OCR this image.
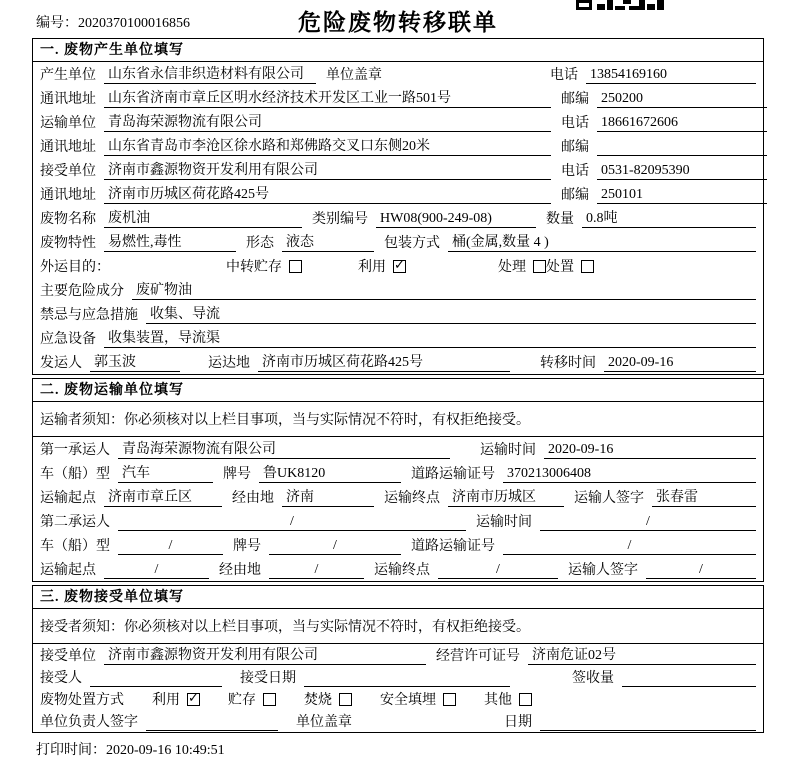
编号：2020370100016856	危险废物转移联单
一. 废物产生单位填写
产生单位 山东省永信非织造材料有限公司	单位盖章	电话 13854169160
通讯地址 山东省济南市章丘区明水经济技术开发区工业一路501号	邮编 250200
运输单位 青岛海荣源物流有限公司	电话 18661672606
通讯地址 山东省青岛市李沧区徐水路和郑佛路交叉口东侧20米	邮编
接受单位 济南市鑫源物资开发利用有限公司	电话 0531-82095390
通讯地址 济南市历城区荷花路425号	邮编 250101
废物名称 废机油	类别编号 HW08(900-249-08)	数量 0.8吨
废物特性 易燃性,毒性	形态 液态	包装方式 桶(金属,数量 4 )
外运目的：	中转贮存	利用 ✓	处理 处置
主要危险成分 废矿物油
禁忌与应急措施 收集、导流
应急设备 收集装置，导流渠
发运人 郭玉波	运达地 济南市历城区荷花路425号	转移时间 2020-09-16
二. 废物运输单位填写
运输者须知：你必须核对以上栏目事项，当与实际情况不符时，有权拒绝接受。
第一承运人 青岛海荣源物流有限公司	运输时间 2020-09-16
车（船）型 汽车	牌号 鲁UK8120	道路运输证号 370213006408
运输起点 济南市章丘区	经由地 济南	运输终点 济南市历城区	运输人签字 张春雷
第二承运人	/	运输时间	/
车（船）型	/	牌号	/	道路运输证号	/
运输起点	/	经由地	/	运输终点	/	运输人签字	/
三. 废物接受单位填写
接受者须知：你必须核对以上栏目事项，当与实际情况不符时，有权拒绝接受。
接受单位 济南市鑫源物资开发利用有限公司	经营许可证号 济南危证02号
接受人	接受日期	签收量
废物处置方式 利用 ✓	贮存	焚烧	安全填埋	其他
单位负责人签字	单位盖章	日期
打印时间：2020-09-16 10:49:51
